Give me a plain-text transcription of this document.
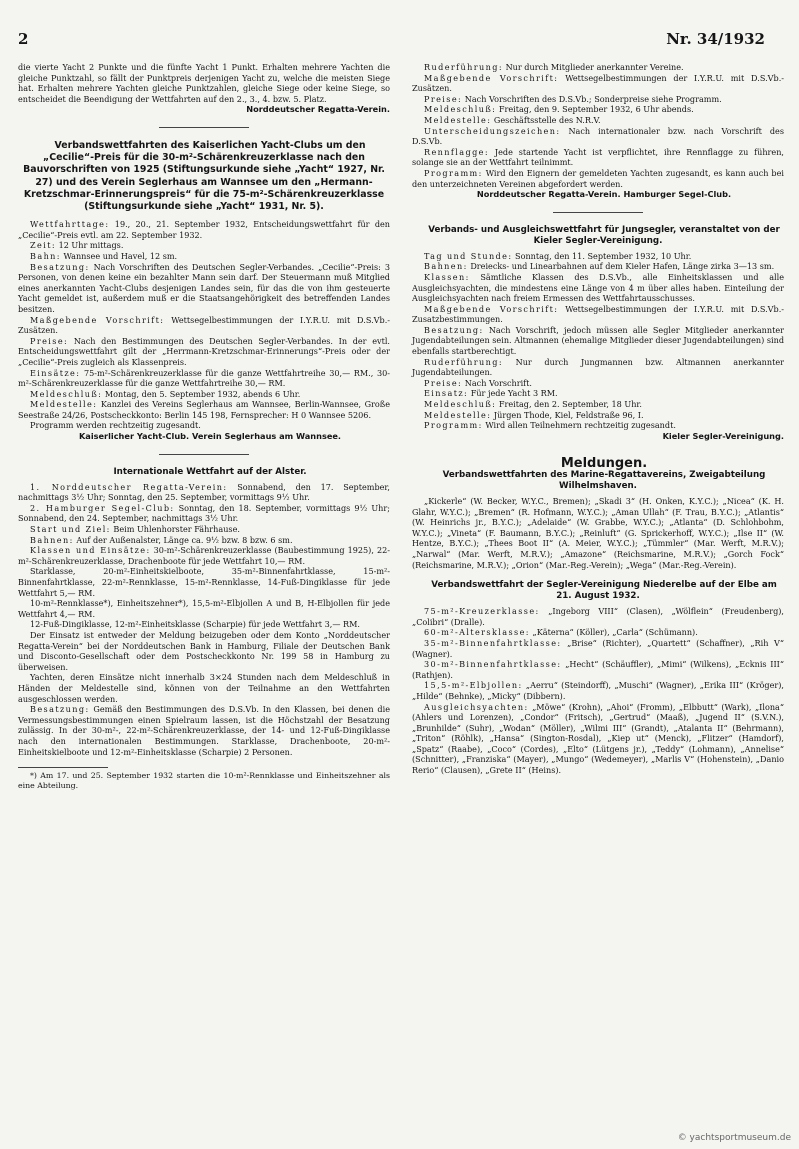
2	Nr. 34/1932

die vierte Yacht 2 Punkte und die fünfte Yacht 1 Punkt. Erhalten mehrere Yachten die gleiche Punktzahl, so fällt der Punktpreis derjenigen Yacht zu, welche die meisten Siege hat. Erhalten mehrere Yachten gleiche Punktzahlen, gleiche Siege oder keine Siege, so entscheidet die Beendigung der Wettfahrten auf den 2., 3., 4. bzw. 5. Platz.

Norddeutscher Regatta-Verein.

Verbandswettfahrten des Kaiserlichen Yacht-Clubs um den „Cecilie“-Preis für die 30-m²-Schärenkreuzerklasse nach den Bauvorschriften von 1925 (Stiftungsurkunde siehe „Yacht“ 1927, Nr. 27) und des Verein Seglerhaus am Wannsee um den „Hermann-Kretzschmar-Erinnerungspreis“ für die 75-m²-Schärenkreuzerklasse (Stiftungsurkunde siehe „Yacht“ 1931, Nr. 5).

Wettfahrttage: 19., 20., 21. September 1932, Entscheidungswettfahrt für den „Cecilie“-Preis evtl. am 22. September 1932.

Zeit: 12 Uhr mittags.

Bahn: Wannsee und Havel, 12 sm.

Besatzung: Nach Vorschriften des Deutschen Segler-Verbandes. „Cecilie“-Preis: 3 Personen, von denen keine ein bezahlter Mann sein darf. Der Steuermann muß Mitglied eines anerkannten Yacht-Clubs desjenigen Landes sein, für das die von ihm gesteuerte Yacht gemeldet ist, außerdem muß er die Staatsangehörigkeit des betreffenden Landes besitzen.

Maßgebende Vorschrift: Wettsegelbestimmungen der I.Y.R.U. mit D.S.Vb.-Zusätzen.

Preise: Nach den Bestimmungen des Deutschen Segler-Verbandes. In der evtl. Entscheidungswettfahrt gilt der „Herrmann-Kretzschmar-Erinnerungs“-Preis oder der „Cecilie“-Preis zugleich als Klassenpreis.

Einsätze: 75-m²-Schärenkreuzerklasse für die ganze Wettfahrtreihe 30,— RM., 30-m²-Schärenkreuzerklasse für die ganze Wettfahrtreihe 30,— RM.

Meldeschluß: Montag, den 5. September 1932, abends 6 Uhr.

Meldestelle: Kanzlei des Vereins Seglerhaus am Wannsee, Berlin-Wannsee, Große Seestraße 24/26, Postscheckkonto: Berlin 145 198, Fernsprecher: H 0 Wannsee 5206.

Programm werden rechtzeitig zugesandt.

Kaiserlicher Yacht-Club. Verein Seglerhaus am Wannsee.

Internationale Wettfahrt auf der Alster.

1. Norddeutscher Regatta-Verein: Sonnabend, den 17. September, nachmittags 3½ Uhr; Sonntag, den 25. September, vormittags 9½ Uhr.

2. Hamburger Segel-Club: Sonntag, den 18. September, vormittags 9½ Uhr; Sonnabend, den 24. September, nachmittags 3½ Uhr.

Start und Ziel: Beim Uhlenhorster Fährhause.

Bahnen: Auf der Außenalster, Länge ca. 9½ bzw. 8 bzw. 6 sm.

Klassen und Einsätze: 30-m²-Schärenkreuzerklasse (Baubestimmung 1925), 22-m²-Schärenkreuzerklasse, Drachenboote für jede Wettfahrt 10,— RM.

Starklasse, 20-m²-Einheitskielboote, 35-m²-Binnenfahrtklasse, 15-m²-Binnenfahrtklasse, 22-m²-Rennklasse, 15-m²-Rennklasse, 14-Fuß-Dingiklasse für jede Wettfahrt 5,— RM.

10-m²-Rennklasse*), Einheitszehner*), 15,5-m²-Elbjollen A und B, H-Elbjollen für jede Wettfahrt 4,— RM.

12-Fuß-Dingiklasse, 12-m²-Einheitsklasse (Scharpie) für jede Wettfahrt 3,— RM.

Der Einsatz ist entweder der Meldung beizugeben oder dem Konto „Norddeutscher Regatta-Verein“ bei der Norddeutschen Bank in Hamburg, Filiale der Deutschen Bank und Disconto-Gesellschaft oder dem Postscheckkonto Nr. 199 58 in Hamburg zu überweisen.

Yachten, deren Einsätze nicht innerhalb 3×24 Stunden nach dem Meldeschluß in Händen der Meldestelle sind, können von der Teilnahme an den Wettfahrten ausgeschlossen werden.

Besatzung: Gemäß den Bestimmungen des D.S.Vb. In den Klassen, bei denen die Vermessungsbestimmungen einen Spielraum lassen, ist die Höchstzahl der Besatzung zulässig. In der 30-m²-, 22-m²-Schärenkreuzerklasse, der 14- und 12-Fuß-Dingiklasse nach den internationalen Bestimmungen. Starklasse, Drachenboote, 20-m²-Einheitskielboote und 12-m²-Einheitsklasse (Scharpie) 2 Personen.

*) Am 17. und 25. September 1932 starten die 10-m²-Rennklasse und Einheitszehner als eine Abteilung.

Ruderführung: Nur durch Mitglieder anerkannter Vereine.

Maßgebende Vorschrift: Wettsegelbestimmungen der I.Y.R.U. mit D.S.Vb.-Zusätzen.

Preise: Nach Vorschriften des D.S.Vb.; Sonderpreise siehe Programm.

Meldeschluß: Freitag, den 9. September 1932, 6 Uhr abends.

Meldestelle: Geschäftsstelle des N.R.V.

Unterscheidungszeichen: Nach internationaler bzw. nach Vorschrift des D.S.Vb.

Rennflagge: Jede startende Yacht ist verpflichtet, ihre Rennflagge zu führen, solange sie an der Wettfahrt teilnimmt.

Programm: Wird den Eignern der gemeldeten Yachten zugesandt, es kann auch bei den unterzeichneten Vereinen abgefordert werden.

Norddeutscher Regatta-Verein. Hamburger Segel-Club.

Verbands- und Ausgleichswettfahrt für Jungsegler, veranstaltet von der Kieler Segler-Vereinigung.

Tag und Stunde: Sonntag, den 11. September 1932, 10 Uhr.

Bahnen: Dreiecks- und Linearbahnen auf dem Kieler Hafen, Länge zirka 3—13 sm.

Klassen: Sämtliche Klassen des D.S.Vb., alle Einheitsklassen und alle Ausgleichsyachten, die mindestens eine Länge von 4 m über alles haben. Einteilung der Ausgleichsyachten nach freiem Ermessen des Wettfahrtausschusses.

Maßgebende Vorschrift: Wettsegelbestimmungen der I.Y.R.U. mit D.S.Vb.-Zusatzbestimmungen.

Besatzung: Nach Vorschrift, jedoch müssen alle Segler Mitglieder anerkannter Jugendabteilungen sein. Altmannen (ehemalige Mitglieder dieser Jugendabteilungen) sind ebenfalls startberechtigt.

Ruderführung: Nur durch Jungmannen bzw. Altmannen anerkannter Jugendabteilungen.

Preise: Nach Vorschrift.

Einsatz: Für jede Yacht 3 RM.

Meldeschluß: Freitag, den 2. September, 18 Uhr.

Meldestelle: Jürgen Thode, Kiel, Feldstraße 96, I.

Programm: Wird allen Teilnehmern rechtzeitig zugesandt.

Kieler Segler-Vereinigung.

Meldungen.

Verbandswettfahrten des Marine-Regattavereins, Zweigabteilung Wilhelmshaven.

„Kickerle“ (W. Becker, W.Y.C., Bremen); „Skadi 3“ (H. Onken, K.Y.C.); „Nicea“ (K. H. Glahr, W.Y.C.); „Bremen“ (R. Hofmann, W.Y.C.); „Aman Ullah“ (F. Trau, B.Y.C.); „Atlantis“ (W. Heinrichs jr., B.Y.C.); „Adelaide“ (W. Grabbe, W.Y.C.); „Atlanta“ (D. Schlohbohm, W.Y.C.); „Vineta“ (F. Baumann, B.Y.C.); „Reinluft“ (G. Sprickerhoff, W.Y.C.); „Ilse II“ (W. Hentze, B.Y.C.); „Thees Boot II“ (A. Meier, W.Y.C.); „Tümmler“ (Mar. Werft, M.R.V.); „Narwal“ (Mar. Werft, M.R.V.); „Amazone“ (Reichsmarine, M.R.V.); „Gorch Fock“ (Reichsmarine, M.R.V.); „Orion“ (Mar.-Reg.-Verein); „Wega“ (Mar.-Reg.-Verein).

Verbandswettfahrt der Segler-Vereinigung Niederelbe auf der Elbe am 21. August 1932.

75-m²-Kreuzerklasse: „Ingeborg VIII“ (Clasen), „Wölflein“ (Freudenberg), „Colibri“ (Dralle).

60-m²-Altersklasse: „Käterna“ (Köller), „Carla“ (Schümann).

35-m²-Binnenfahrtklasse: „Brise“ (Richter), „Quartett“ (Schaffner), „Rih V“ (Wagner).

30-m²-Binnenfahrtklasse: „Hecht“ (Schäuffler), „Mimi“ (Wilkens), „Ecknis III“ (Rathjen).

15,5-m²-Elbjollen: „Aerru“ (Steindorff), „Muschi“ (Wagner), „Erika III“ (Kröger), „Hilde“ (Behnke), „Micky“ (Dibbern).

Ausgleichsyachten: „Möwe“ (Krohn), „Ahoi“ (Fromm), „Elbbutt“ (Wark), „Ilona“ (Ahlers und Lorenzen), „Condor“ (Fritsch), „Gertrud“ (Maaß), „Jugend II“ (S.V.N.), „Brunhilde“ (Suhr), „Wodan“ (Möller), „Wilmi III“ (Grandt), „Atalanta II“ (Behrmann), „Triton“ (Röhlk), „Hansa“ (Sington-Rosdal), „Kiep ut“ (Menck), „Flitzer“ (Hamdorf), „Spatz“ (Raabe), „Coco“ (Cordes), „Elto“ (Lütgens jr.), „Teddy“ (Lohmann), „Annelise“ (Schnitter), „Franziska“ (Mayer), „Mungo“ (Wedemeyer), „Marlis V“ (Hohenstein), „Danio Rerio“ (Clausen), „Grete II“ (Heins).

© yachtsportmuseum.de
